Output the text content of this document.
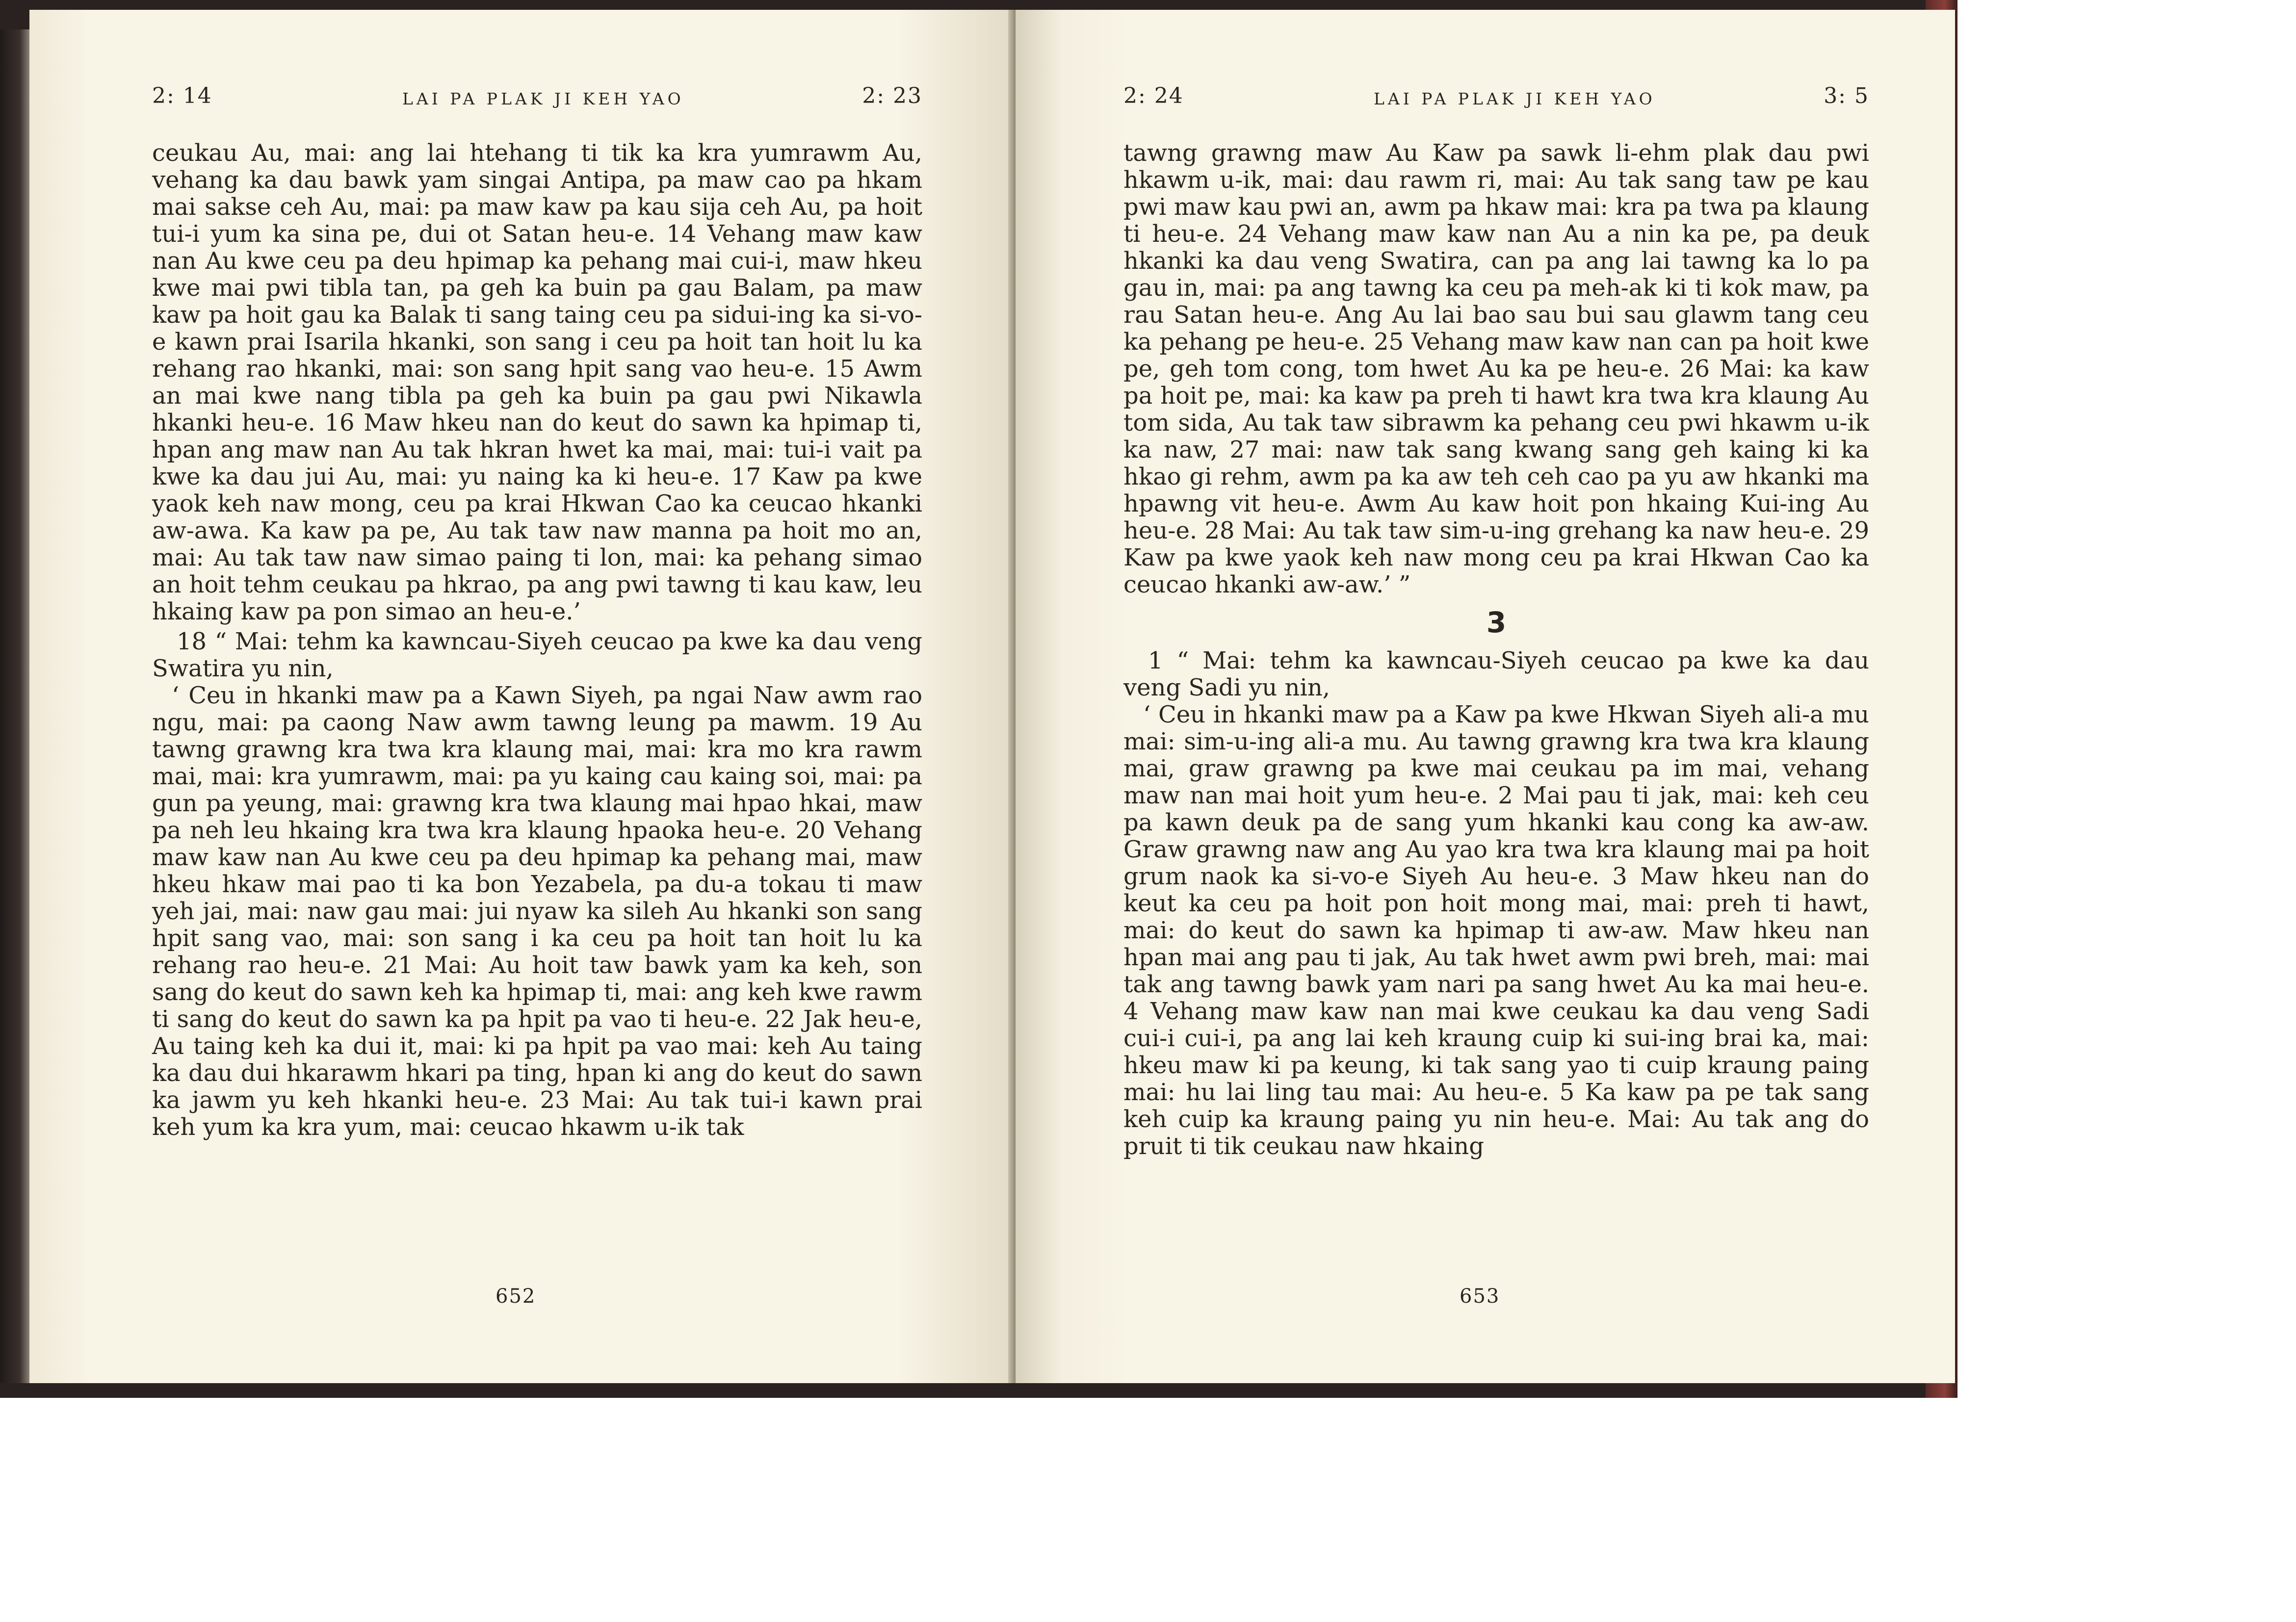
2: 14	LAI PA PLAK JI KEH YAO	2: 23

ceukau Au, mai: ang lai htehang ti tik ka kra yumrawm Au, vehang ka dau bawk yam singai Antipa, pa maw cao pa hkam mai sakse ceh Au, mai: pa maw kaw pa kau sija ceh Au, pa hoit tui-i yum ka sina pe, dui ot Satan heu-e. 14 Vehang maw kaw nan Au kwe ceu pa deu hpimap ka pehang mai cui-i, maw hkeu kwe mai pwi tibla tan, pa geh ka buin pa gau Balam, pa maw kaw pa hoit gau ka Balak ti sang taing ceu pa sidui-ing ka si-vo-e kawn prai Isarila hkanki, son sang i ceu pa hoit tan hoit lu ka rehang rao hkanki, mai: son sang hpit sang vao heu-e. 15 Awm an mai kwe nang tibla pa geh ka buin pa gau pwi Nikawla hkanki heu-e. 16 Maw hkeu nan do keut do sawn ka hpimap ti, hpan ang maw nan Au tak hkran hwet ka mai, mai: tui-i vait pa kwe ka dau jui Au, mai: yu naing ka ki heu-e. 17 Kaw pa kwe yaok keh naw mong, ceu pa krai Hkwan Cao ka ceucao hkanki aw-awa. Ka kaw pa pe, Au tak taw naw manna pa hoit mo an, mai: Au tak taw naw simao paing ti lon, mai: ka pehang simao an hoit tehm ceukau pa hkrao, pa ang pwi tawng ti kau kaw, leu hkaing kaw pa pon simao an heu-e.’

18 “ Mai: tehm ka kawncau-Siyeh ceucao pa kwe ka dau veng Swatira yu nin,

‘ Ceu in hkanki maw pa a Kawn Siyeh, pa ngai Naw awm rao ngu, mai: pa caong Naw awm tawng leung pa mawm. 19 Au tawng grawng kra twa kra klaung mai, mai: kra mo kra rawm mai, mai: kra yumrawm, mai: pa yu kaing cau kaing soi, mai: pa gun pa yeung, mai: grawng kra twa klaung mai hpao hkai, maw pa neh leu hkaing kra twa kra klaung hpaoka heu-e. 20 Vehang maw kaw nan Au kwe ceu pa deu hpimap ka pehang mai, maw hkeu hkaw mai pao ti ka bon Yezabela, pa du-a tokau ti maw yeh jai, mai: naw gau mai: jui nyaw ka sileh Au hkanki son sang hpit sang vao, mai: son sang i ka ceu pa hoit tan hoit lu ka rehang rao heu-e. 21 Mai: Au hoit taw bawk yam ka keh, son sang do keut do sawn keh ka hpimap ti, mai: ang keh kwe rawm ti sang do keut do sawn ka pa hpit pa vao ti heu-e. 22 Jak heu-e, Au taing keh ka dui it, mai: ki pa hpit pa vao mai: keh Au taing ka dau dui hkarawm hkari pa ting, hpan ki ang do keut do sawn ka jawm yu keh hkanki heu-e. 23 Mai: Au tak tui-i kawn prai keh yum ka kra yum, mai: ceucao hkawm u-ik tak

652
2: 24	LAI PA PLAK JI KEH YAO	3: 5

tawng grawng maw Au Kaw pa sawk li-ehm plak dau pwi hkawm u-ik, mai: dau rawm ri, mai: Au tak sang taw pe kau pwi maw kau pwi an, awm pa hkaw mai: kra pa twa pa klaung ti heu-e. 24 Vehang maw kaw nan Au a nin ka pe, pa deuk hkanki ka dau veng Swatira, can pa ang lai tawng ka lo pa gau in, mai: pa ang tawng ka ceu pa meh-ak ki ti kok maw, pa rau Satan heu-e. Ang Au lai bao sau bui sau glawm tang ceu ka pehang pe heu-e. 25 Vehang maw kaw nan can pa hoit kwe pe, geh tom cong, tom hwet Au ka pe heu-e. 26 Mai: ka kaw pa hoit pe, mai: ka kaw pa preh ti hawt kra twa kra klaung Au tom sida, Au tak taw sibrawm ka pehang ceu pwi hkawm u-ik ka naw, 27 mai: naw tak sang kwang sang geh kaing ki ka hkao gi rehm, awm pa ka aw teh ceh cao pa yu aw hkanki ma hpawng vit heu-e. Awm Au kaw hoit pon hkaing Kui-ing Au heu-e. 28 Mai: Au tak taw sim-u-ing grehang ka naw heu-e. 29 Kaw pa kwe yaok keh naw mong ceu pa krai Hkwan Cao ka ceucao hkanki aw-aw.’ ”

3

1 “ Mai: tehm ka kawncau-Siyeh ceucao pa kwe ka dau veng Sadi yu nin,

‘ Ceu in hkanki maw pa a Kaw pa kwe Hkwan Siyeh ali-a mu mai: sim-u-ing ali-a mu. Au tawng grawng kra twa kra klaung mai, graw grawng pa kwe mai ceukau pa im mai, vehang maw nan mai hoit yum heu-e. 2 Mai pau ti jak, mai: keh ceu pa kawn deuk pa de sang yum hkanki kau cong ka aw-aw. Graw grawng naw ang Au yao kra twa kra klaung mai pa hoit grum naok ka si-vo-e Siyeh Au heu-e. 3 Maw hkeu nan do keut ka ceu pa hoit pon hoit mong mai, mai: preh ti hawt, mai: do keut do sawn ka hpimap ti aw-aw. Maw hkeu nan hpan mai ang pau ti jak, Au tak hwet awm pwi breh, mai: mai tak ang tawng bawk yam nari pa sang hwet Au ka mai heu-e. 4 Vehang maw kaw nan mai kwe ceukau ka dau veng Sadi cui-i cui-i, pa ang lai keh kraung cuip ki sui-ing brai ka, mai: hkeu maw ki pa keung, ki tak sang yao ti cuip kraung paing mai: hu lai ling tau mai: Au heu-e. 5 Ka kaw pa pe tak sang keh cuip ka kraung paing yu nin heu-e. Mai: Au tak ang do pruit ti tik ceukau naw hkaing

653
